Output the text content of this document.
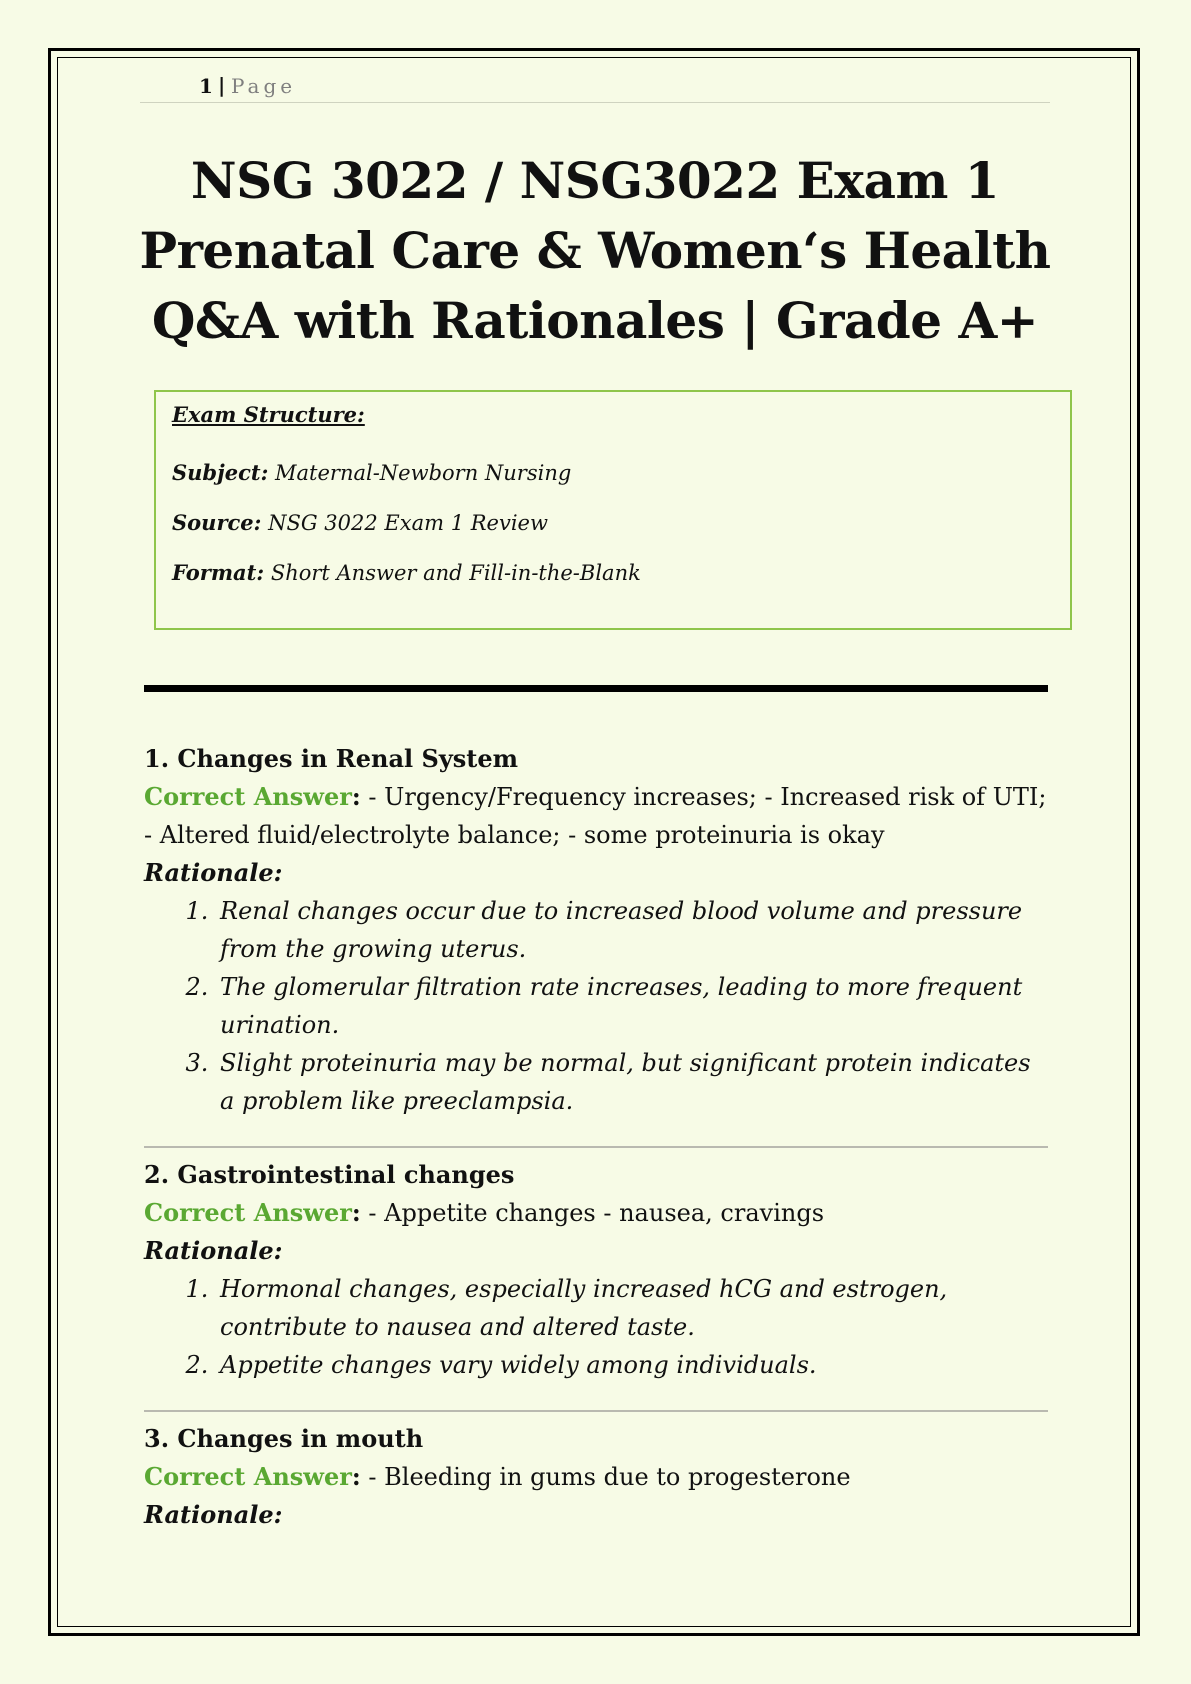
1 | Page
NSG 3022 / NSG3022 Exam 1
Prenatal Care & Women‘s Health
Q&A with Rationales | Grade A+
Exam Structure:
Subject: Maternal-Newborn Nursing
Source: NSG 3022 Exam 1 Review
Format: Short Answer and Fill-in-the-Blank
1. Changes in Renal System
Correct Answer: - Urgency/Frequency increases; - Increased risk of UTI; - Altered fluid/electrolyte balance; - some proteinuria is okay
Rationale:
1. Renal changes occur due to increased blood volume and pressure from the growing uterus.
2. The glomerular filtration rate increases, leading to more frequent urination.
3. Slight proteinuria may be normal, but significant protein indicates a problem like preeclampsia.
2. Gastrointestinal changes
Correct Answer: - Appetite changes - nausea, cravings
Rationale:
1. Hormonal changes, especially increased hCG and estrogen, contribute to nausea and altered taste.
2. Appetite changes vary widely among individuals.
3. Changes in mouth
Correct Answer: - Bleeding in gums due to progesterone
Rationale:
